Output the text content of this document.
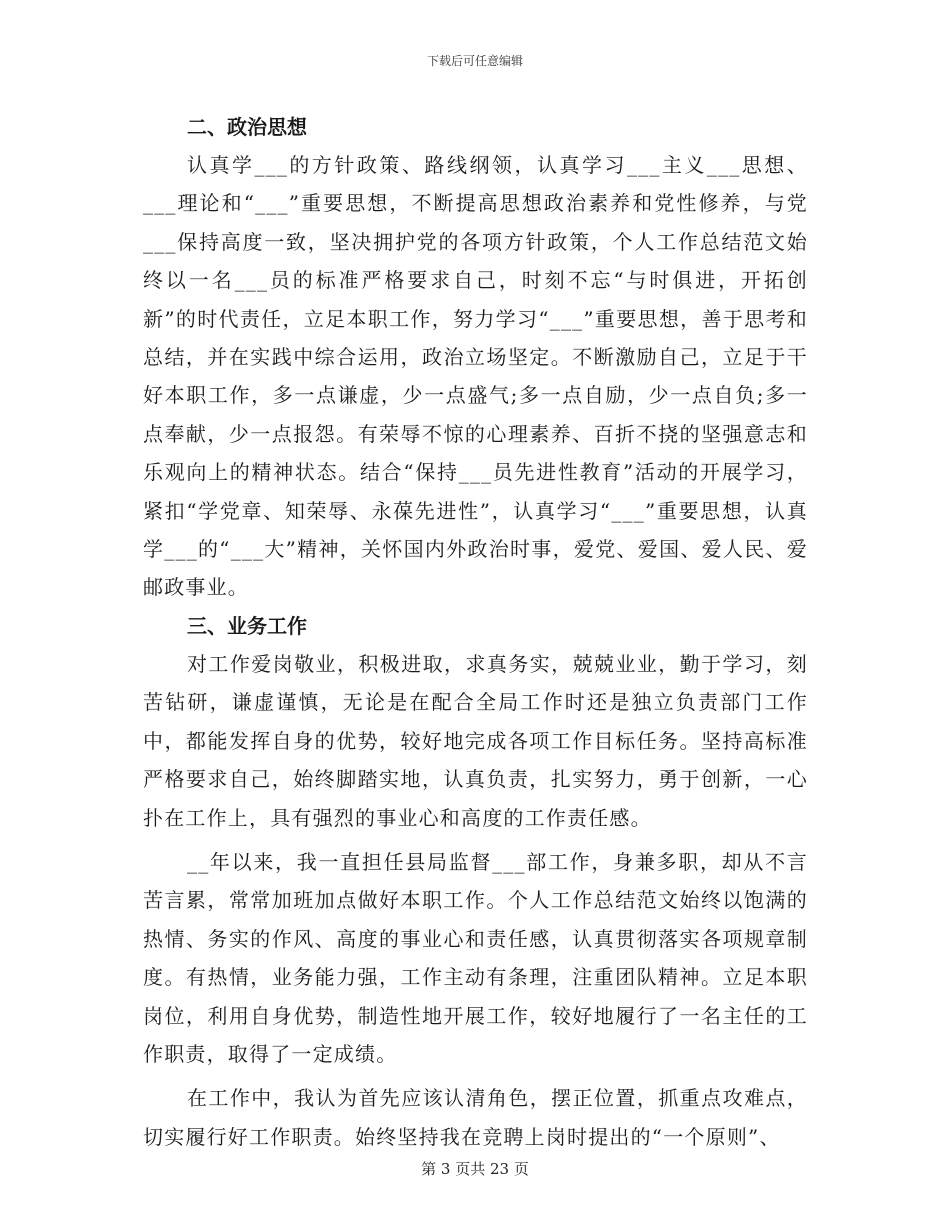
下载后可任意编辑
二、政治思想

认真学___的方针政策、路线纲领，认真学习___主义___思想、___理论和“___”重要思想，不断提高思想政治素养和党性修养，与党___保持高度一致，坚决拥护党的各项方针政策，个人工作总结范文始终以一名___员的标准严格要求自己，时刻不忘“与时俱进，开拓创新”的时代责任，立足本职工作，努力学习“___”重要思想，善于思考和总结，并在实践中综合运用，政治立场坚定。不断激励自己，立足于干好本职工作，多一点谦虚，少一点盛气;多一点自励，少一点自负;多一点奉献，少一点报怨。有荣辱不惊的心理素养、百折不挠的坚强意志和乐观向上的精神状态。结合“保持___员先进性教育”活动的开展学习，紧扣“学党章、知荣辱、永葆先进性”，认真学习“___”重要思想，认真学___的“___大”精神，关怀国内外政治时事，爱党、爱国、爱人民、爱邮政事业。

三、业务工作

对工作爱岗敬业，积极进取，求真务实，兢兢业业，勤于学习，刻苦钻研，谦虚谨慎，无论是在配合全局工作时还是独立负责部门工作中，都能发挥自身的优势，较好地完成各项工作目标任务。坚持高标准严格要求自己，始终脚踏实地，认真负责，扎实努力，勇于创新，一心扑在工作上，具有强烈的事业心和高度的工作责任感。

__年以来，我一直担任县局监督___部工作，身兼多职，却从不言苦言累，常常加班加点做好本职工作。个人工作总结范文始终以饱满的热情、务实的作风、高度的事业心和责任感，认真贯彻落实各项规章制度。有热情，业务能力强，工作主动有条理，注重团队精神。立足本职岗位，利用自身优势，制造性地开展工作，较好地履行了一名主任的工作职责，取得了一定成绩。

在工作中，我认为首先应该认清角色，摆正位置，抓重点攻难点，切实履行好工作职责。始终坚持我在竞聘上岗时提出的“一个原则”、

第 3 页共 23 页
